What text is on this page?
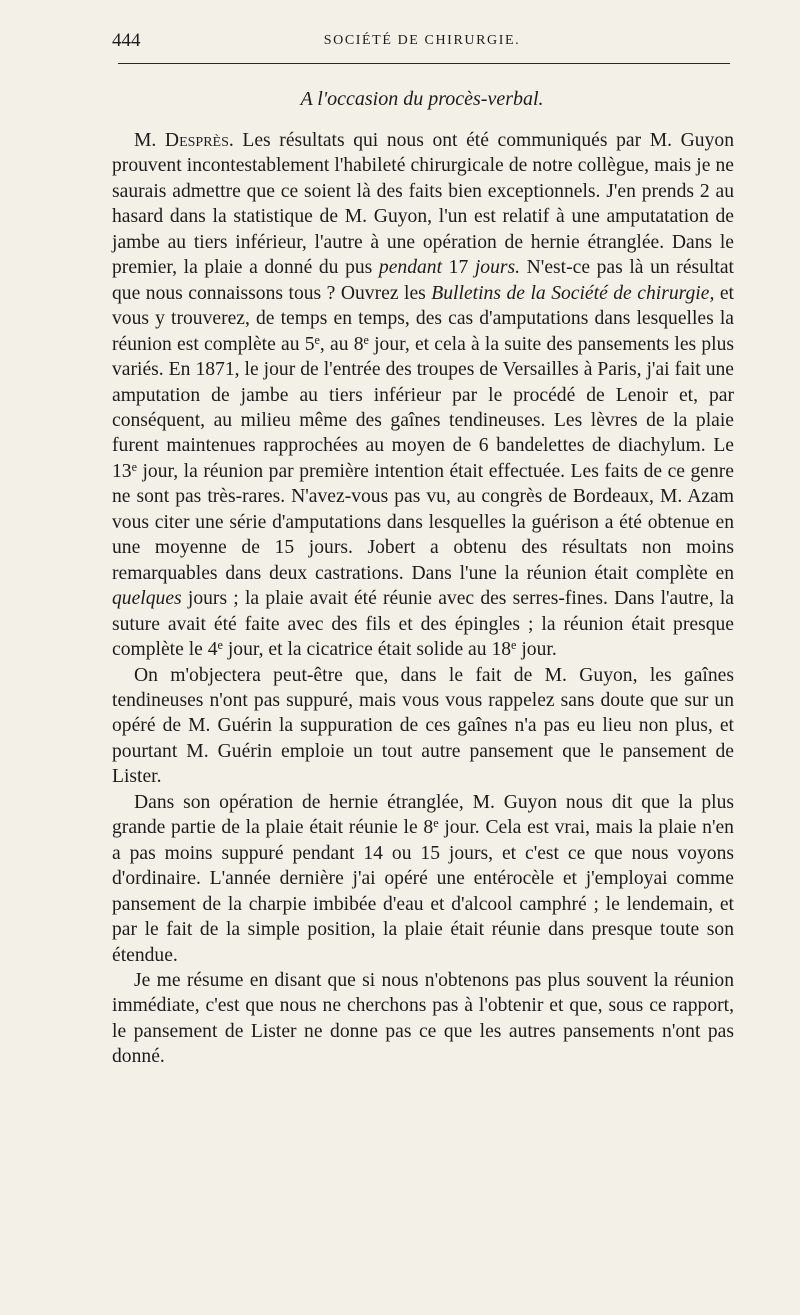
444	SOCIÉTÉ DE CHIRURGIE.
A l'occasion du procès-verbal.

M. Desprès. Les résultats qui nous ont été communiqués par M. Guyon prouvent incontestablement l'habileté chirurgicale de notre collègue, mais je ne saurais admettre que ce soient là des faits bien exceptionnels. J'en prends 2 au hasard dans la statistique de M. Guyon, l'un est relatif à une amputatation de jambe au tiers inférieur, l'autre à une opération de hernie étranglée. Dans le premier, la plaie a donné du pus pendant 17 jours. N'est-ce pas là un résultat que nous connaissons tous ? Ouvrez les Bulletins de la Société de chirurgie, et vous y trouverez, de temps en temps, des cas d'amputations dans lesquelles la réunion est complète au 5e, au 8e jour, et cela à la suite des pansements les plus variés. En 1871, le jour de l'entrée des troupes de Versailles à Paris, j'ai fait une amputation de jambe au tiers inférieur par le procédé de Lenoir et, par conséquent, au milieu même des gaînes tendineuses. Les lèvres de la plaie furent maintenues rapprochées au moyen de 6 bandelettes de diachylum. Le 13e jour, la réunion par première intention était effectuée. Les faits de ce genre ne sont pas très-rares. N'avez-vous pas vu, au congrès de Bordeaux, M. Azam vous citer une série d'amputations dans lesquelles la guérison a été obtenue en une moyenne de 15 jours. Jobert a obtenu des résultats non moins remarquables dans deux castrations. Dans l'une la réunion était complète en quelques jours ; la plaie avait été réunie avec des serres-fines. Dans l'autre, la suture avait été faite avec des fils et des épingles ; la réunion était presque complète le 4e jour, et la cicatrice était solide au 18e jour.

On m'objectera peut-être que, dans le fait de M. Guyon, les gaînes tendineuses n'ont pas suppuré, mais vous vous rappelez sans doute que sur un opéré de M. Guérin la suppuration de ces gaînes n'a pas eu lieu non plus, et pourtant M. Guérin emploie un tout autre pansement que le pansement de Lister.

Dans son opération de hernie étranglée, M. Guyon nous dit que la plus grande partie de la plaie était réunie le 8e jour. Cela est vrai, mais la plaie n'en a pas moins suppuré pendant 14 ou 15 jours, et c'est ce que nous voyons d'ordinaire. L'année dernière j'ai opéré une entérocèle et j'employai comme pansement de la charpie imbibée d'eau et d'alcool camphré ; le lendemain, et par le fait de la simple position, la plaie était réunie dans presque toute son étendue.

Je me résume en disant que si nous n'obtenons pas plus souvent la réunion immédiate, c'est que nous ne cherchons pas à l'obtenir et que, sous ce rapport, le pansement de Lister ne donne pas ce que les autres pansements n'ont pas donné.
